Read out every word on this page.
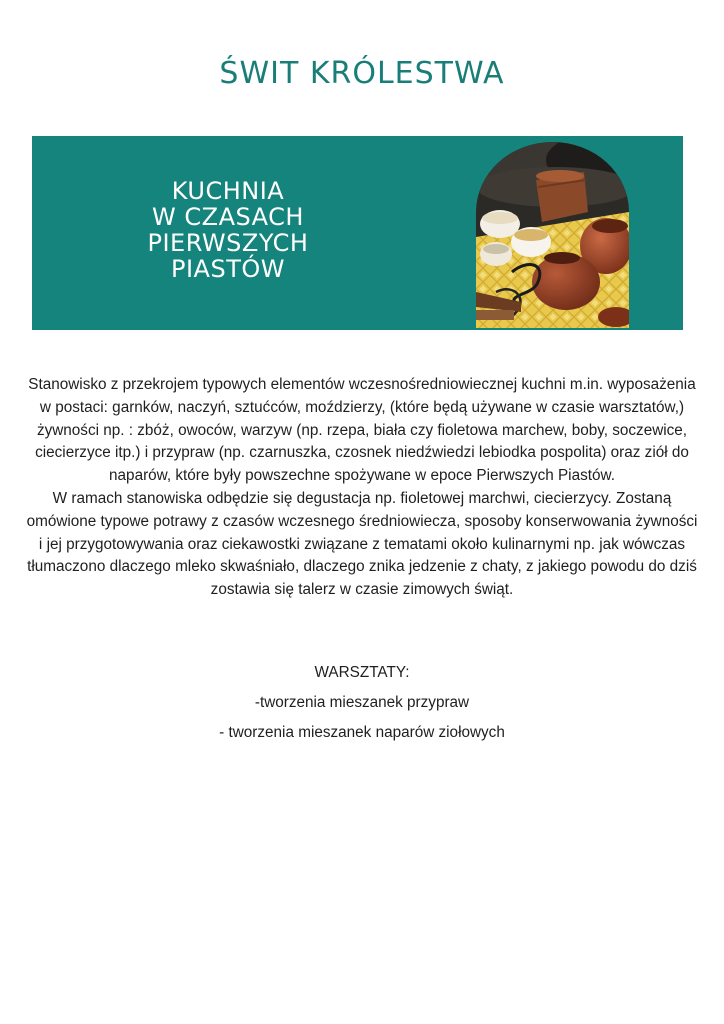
ŚWIT KRÓLESTWA
KUCHNIA
W CZASACH
PIERWSZYCH
PIASTÓW

Stanowisko z przekrojem typowych elementów wczesnośredniowiecznej kuchni m.in. wyposażenia w postaci: garnków, naczyń, sztućców, moździerzy, (które będą używane w czasie warsztatów,) żywności np. : zbóż, owoców, warzyw (np. rzepa, biała czy fioletowa marchew, boby, soczewice, ciecierzyce itp.) i przypraw (np. czarnuszka, czosnek niedźwiedzi lebiodka pospolita) oraz ziół do naparów, które były powszechne spożywane w epoce Pierwszych Piastów.

W ramach stanowiska odbędzie się degustacja np. fioletowej marchwi, ciecierzycy. Zostaną omówione typowe potrawy z czasów wczesnego średniowiecza, sposoby konserwowania żywności i jej przygotowywania oraz ciekawostki związane z tematami około kulinarnymi np. jak wówczas tłumaczono dlaczego mleko skwaśniało, dlaczego znika jedzenie z chaty, z jakiego powodu do dziś zostawia się talerz w czasie zimowych świąt.

WARSZTATY:

-tworzenia mieszanek przypraw
- tworzenia mieszanek naparów ziołowych
